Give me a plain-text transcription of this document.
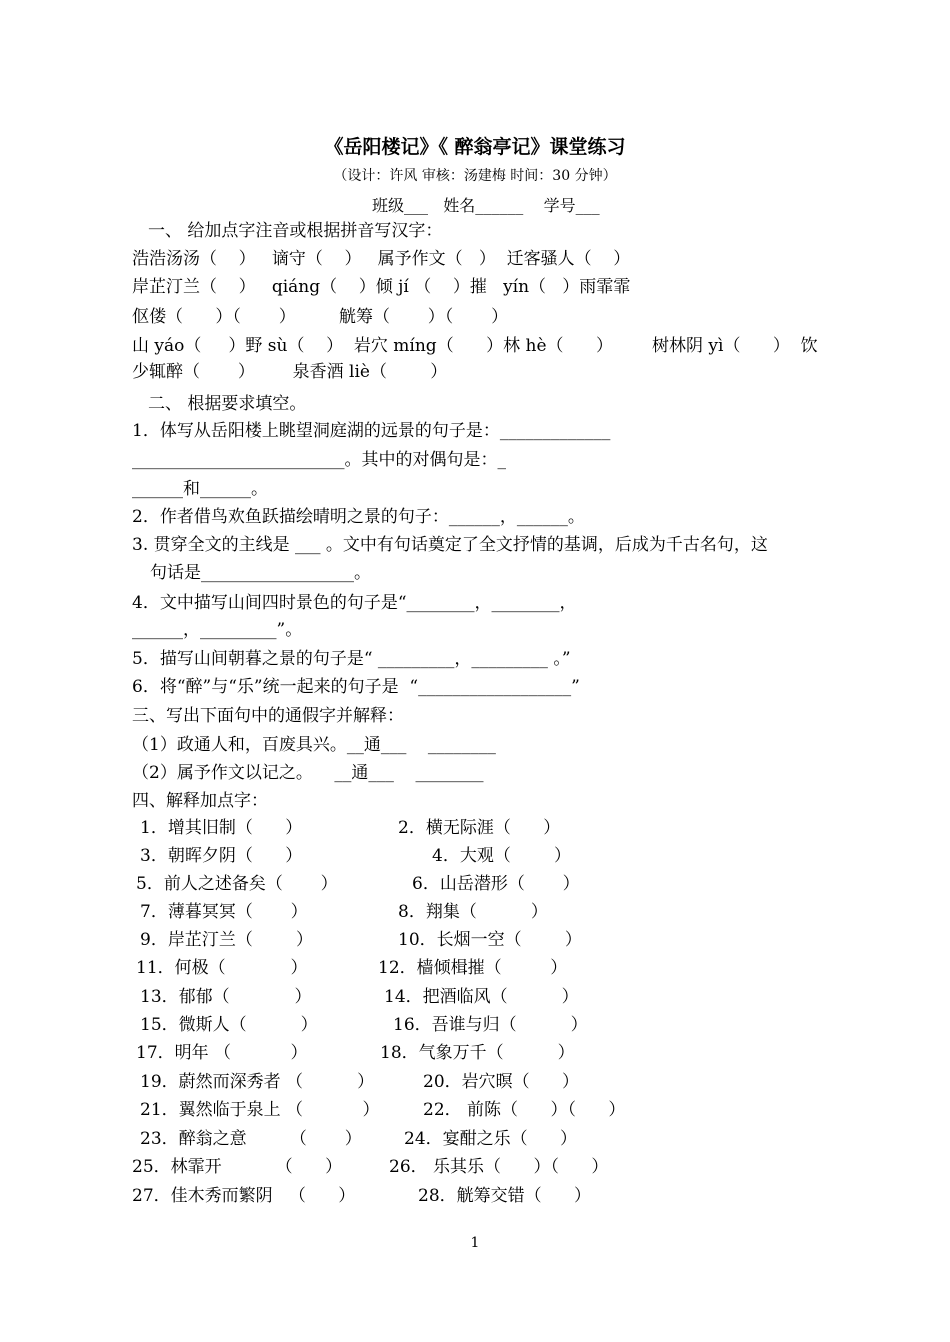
《岳阳楼记》《 醉翁亭记》课堂练习
（设计：许风 审核：汤建梅 时间：30 分钟）
班级___   姓名______    学号___
一、 给加点字注音或根据拼音写汉字：
浩浩汤汤（    ）   谪守（    ）   属予作文（   ）  迁客骚人（    ）
岸芷汀兰（    ）   qiáng（    ）倾 jí （    ）摧   yín（   ）雨霏霏
伛偻（      ）（       ）        觥筹（       ）（       ）
山 yáo（     ）野 sù（    ）  岩穴 míng（      ）林 hè（      ） 树林阴 yì（      ）  饮
少辄醉（       ）       泉香酒 liè（        ）
二、 根据要求填空。
1．体写从岳阳楼上眺望洞庭湖的远景的句子是：_____________
_________________________。其中的对偶句是：_
______和______。
2．作者借鸟欢鱼跃描绘晴明之景的句子：______，______。
3. 贯穿全文的主线是 ___ 。文中有句话奠定了全文抒情的基调，后成为千古名句，这
句话是__________________。
4．文中描写山间四时景色的句子是“________，________，
______，_________”。
5．描写山间朝暮之景的句子是“ _________，_________ 。”
6．将“醉”与“乐”统一起来的句子是  “__________________”
三、写出下面句中的通假字并解释：
（1）政通人和，百废具兴。__通___    ________
（2）属予作文以记之。    __通___    ________
四、解释加点字：
1．增其旧制（      ）	2．横无际涯（      ）
3．朝晖夕阴（      ）	4．大观（        ）
5．前人之述备矣（       ）	6．山岳潜形（       ）
7．薄暮冥冥（       ）	8．翔集（          ）
9．岸芷汀兰（        ）	10．长烟一空（        ）
11．何极（            ）	12．樯倾楫摧（         ）
13．郁郁（            ）	14．把酒临风（          ）
15．微斯人（          ）	16．吾谁与归（          ）
17．明年 （           ）	18．气象万千（          ）
19．蔚然而深秀者 （          ）	20．岩穴暝（      ）
21．翼然临于泉上 （           ）	22． 前陈（      ）（      ）
23．醉翁之意        （       ） 24．宴酣之乐（      ）
25．林霏开          （      ）	26． 乐其乐（      ）（      ）
27．佳木秀而繁阴   （      ）	28．觥筹交错（      ）
1
